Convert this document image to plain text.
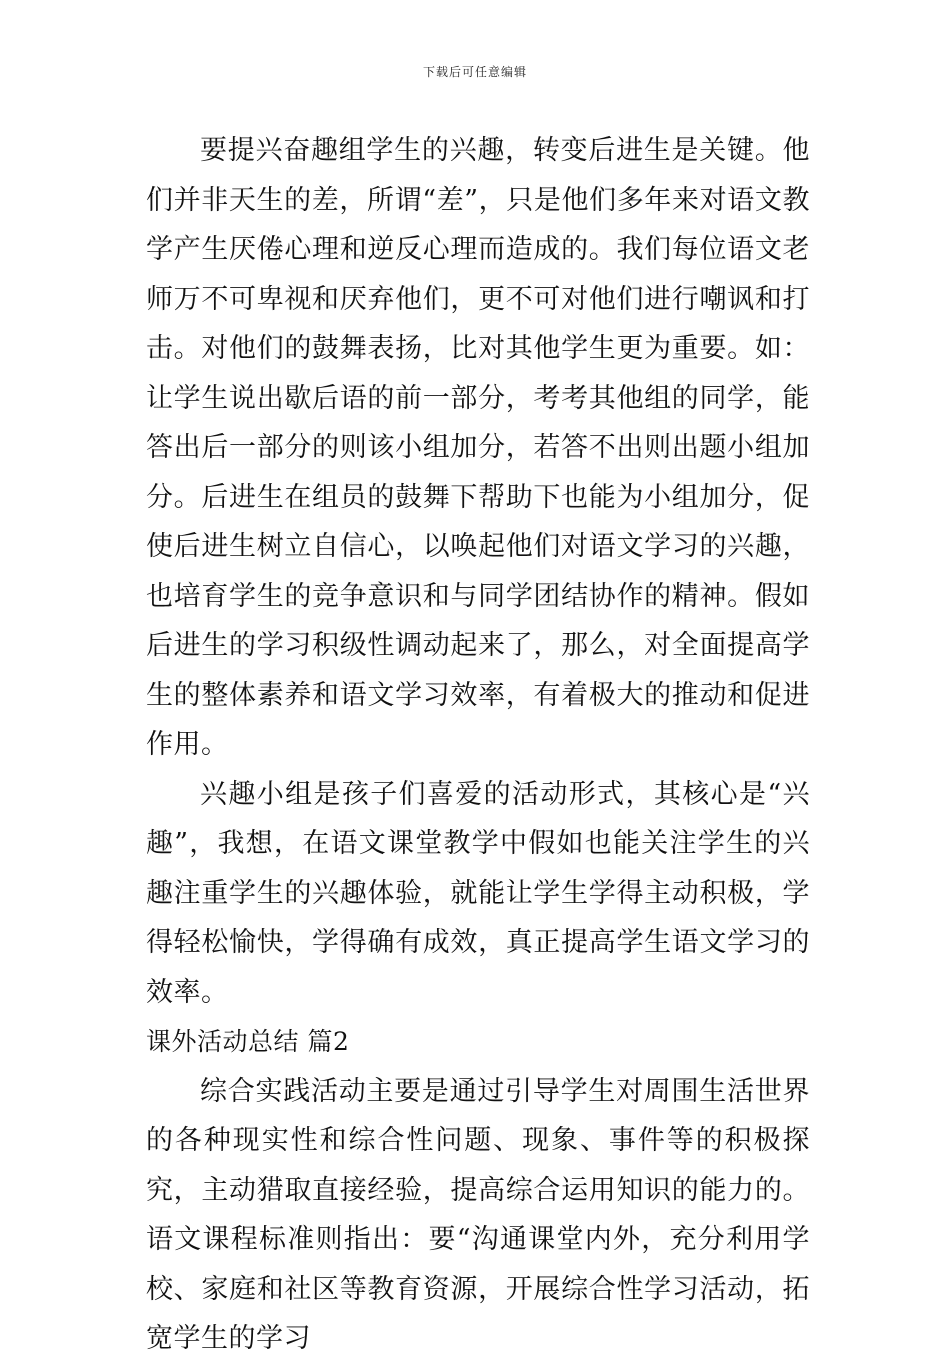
下载后可任意编辑

要提兴奋趣组学生的兴趣，转变后进生是关键。他们并非天生的差，所谓“差”，只是他们多年来对语文教学产生厌倦心理和逆反心理而造成的。我们每位语文老师万不可卑视和厌弃他们，更不可对他们进行嘲讽和打击。对他们的鼓舞表扬，比对其他学生更为重要。如：让学生说出歇后语的前一部分，考考其他组的同学，能答出后一部分的则该小组加分，若答不出则出题小组加分。后进生在组员的鼓舞下帮助下也能为小组加分，促使后进生树立自信心，以唤起他们对语文学习的兴趣，也培育学生的竞争意识和与同学团结协作的精神。假如后进生的学习积级性调动起来了，那么，对全面提高学生的整体素养和语文学习效率，有着极大的推动和促进作用。

兴趣小组是孩子们喜爱的活动形式，其核心是“兴趣”，我想，在语文课堂教学中假如也能关注学生的兴趣注重学生的兴趣体验，就能让学生学得主动积极，学得轻松愉快，学得确有成效，真正提高学生语文学习的效率。

课外活动总结 篇2

综合实践活动主要是通过引导学生对周围生活世界的各种现实性和综合性问题、现象、事件等的积极探究，主动猎取直接经验，提高综合运用知识的能力的。语文课程标准则指出：要“沟通课堂内外，充分利用学校、家庭和社区等教育资源，开展综合性学习活动，拓宽学生的学习
